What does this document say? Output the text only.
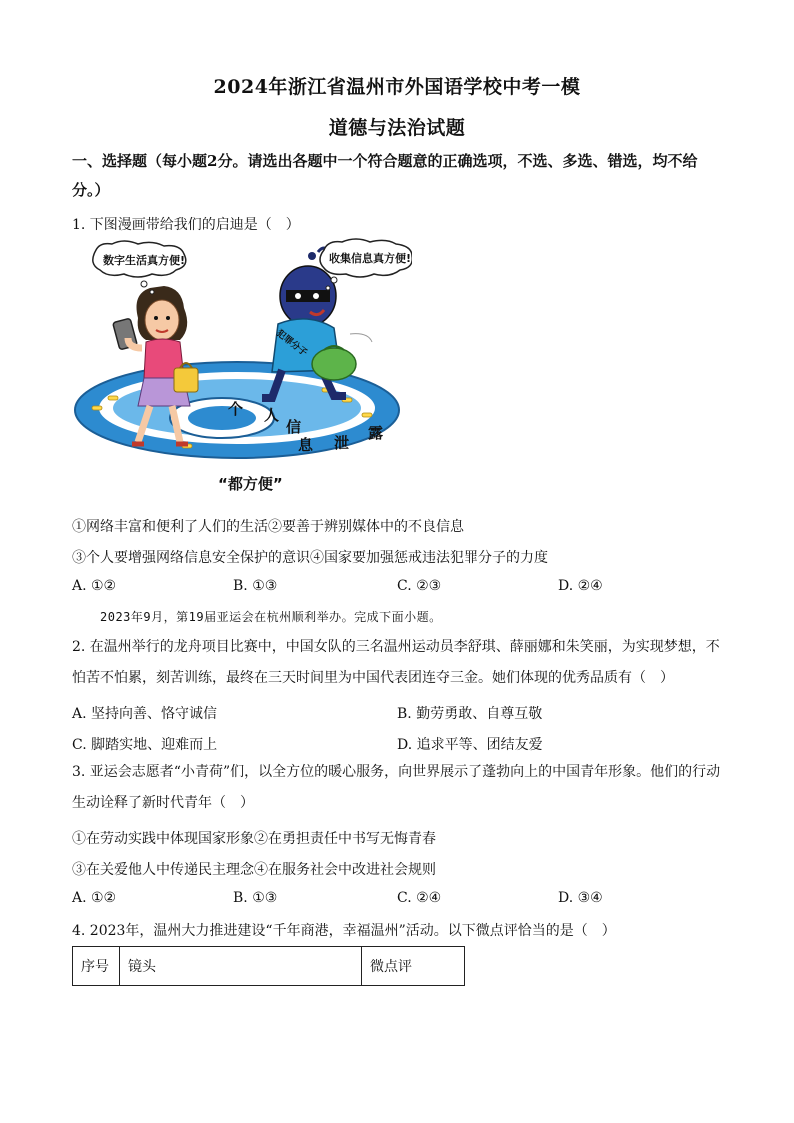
2024年浙江省温州市外国语学校中考一模
道德与法治试题
一、选择题（每小题2分。请选出各题中一个符合题意的正确选项，不选、多选、错选，均不给分。）
1. 下图漫画带给我们的启迪是（　）
个 人
信
息 泄
露
数字生活真方便!
犯罪分子
收集信息真方便!
“都方便”
①网络丰富和便利了人们的生活②要善于辨别媒体中的不良信息
③个人要增强网络信息安全保护的意识④国家要加强惩戒违法犯罪分子的力度
A. ①②	B. ①③	C. ②③	D. ②④
2023年9月，第19届亚运会在杭州顺利举办。完成下面小题。
2. 在温州举行的龙舟项目比赛中，中国女队的三名温州运动员李舒琪、薛丽娜和朱笑丽，为实现梦想，不怕苦不怕累，刻苦训练，最终在三天时间里为中国代表团连夺三金。她们体现的优秀品质有（　）
A. 坚持向善、恪守诚信	B. 勤劳勇敢、自尊互敬
C. 脚踏实地、迎难而上	D. 追求平等、团结友爱
3. 亚运会志愿者“小青荷”们，以全方位的暖心服务，向世界展示了蓬勃向上的中国青年形象。他们的行动生动诠释了新时代青年（　）
①在劳动实践中体现国家形象②在勇担责任中书写无悔青春
③在关爱他人中传递民主理念④在服务社会中改进社会规则
A. ①②	B. ①③	C. ②④	D. ③④
4. 2023年，温州大力推进建设“千年商港，幸福温州”活动。以下微点评恰当的是（　）
序号	镜头	微点评
